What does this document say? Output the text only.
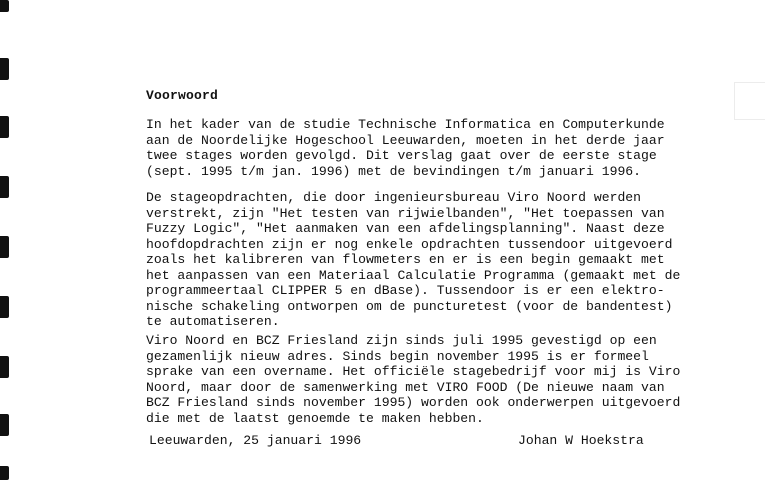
Voorwoord

In het kader van de studie Technische Informatica en Computerkunde
aan de Noordelijke Hogeschool Leeuwarden, moeten in het derde jaar
twee stages worden gevolgd. Dit verslag gaat over de eerste stage
(sept. 1995 t/m jan. 1996) met de bevindingen t/m januari 1996.

De stageopdrachten, die door ingenieursbureau Viro Noord werden
verstrekt, zijn "Het testen van rijwielbanden", "Het toepassen van
Fuzzy Logic", "Het aanmaken van een afdelingsplanning". Naast deze
hoofdopdrachten zijn er nog enkele opdrachten tussendoor uitgevoerd
zoals het kalibreren van flowmeters en er is een begin gemaakt met
het aanpassen van een Materiaal Calculatie Programma (gemaakt met de
programmeertaal CLIPPER 5 en dBase). Tussendoor is er een elektro-
nische schakeling ontworpen om de puncturetest (voor de bandentest)
te automatiseren.

Viro Noord en BCZ Friesland zijn sinds juli 1995 gevestigd op een
gezamenlijk nieuw adres. Sinds begin november 1995 is er formeel
sprake van een overname. Het officiële stagebedrijf voor mij is Viro
Noord, maar door de samenwerking met VIRO FOOD (De nieuwe naam van
BCZ Friesland sinds november 1995) worden ook onderwerpen uitgevoerd
die met de laatst genoemde te maken hebben.

Leeuwarden, 25 januari 1996	Johan W Hoekstra
